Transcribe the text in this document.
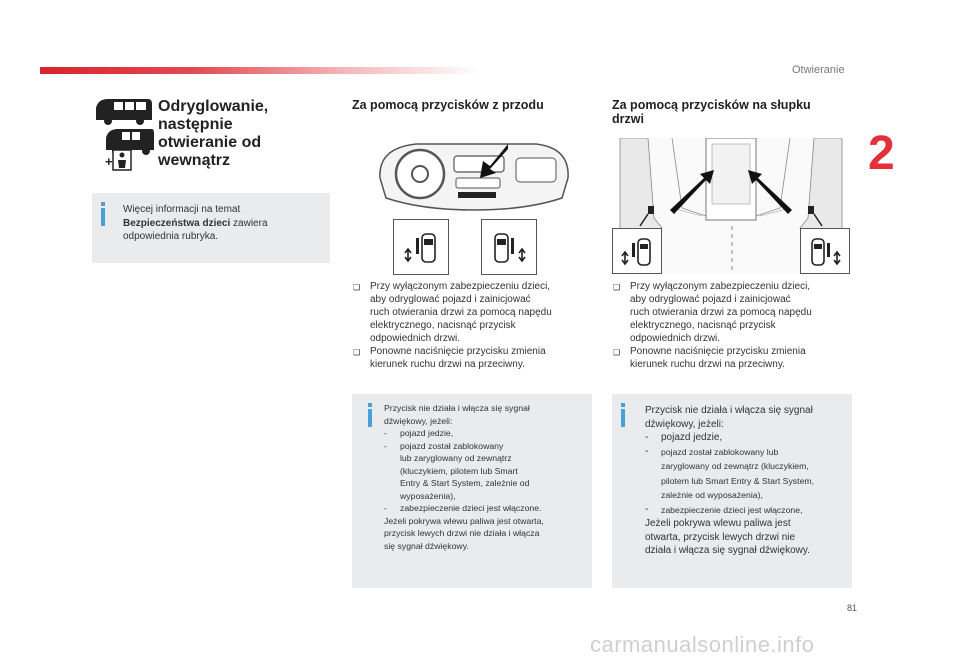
Otwieranie
2
+
Odryglowanie, następnie otwieranie od wewnątrz
Więcej informacji na temat
Bezpieczeństwa dzieci zawiera
odpowiednia rubryka.
Za pomocą przycisków z przodu
❑ Przy wyłączonym zabezpieczeniu dzieci,
aby odryglować pojazd i zainicjować
ruch otwierania drzwi za pomocą napędu
elektrycznego, nacisnąć przycisk
odpowiednich drzwi.
❑ Ponowne naciśnięcie przycisku zmienia
kierunek ruchu drzwi na przeciwny.
Przycisk nie działa i włącza się sygnał
dźwiękowy, jeżeli:
-	pojazd jedzie,
-	pojazd został zablokowany
lub zaryglowany od zewnątrz
(kluczykiem, pilotem lub Smart
Entry & Start System, zależnie od
wyposażenia),
-	zabezpieczenie dzieci jest włączone.
Jeżeli pokrywa wlewu paliwa jest otwarta,
przycisk lewych drzwi nie działa i włącza
się sygnał dźwiękowy.
Za pomocą przycisków na słupku
drzwi
❑ Przy wyłączonym zabezpieczeniu dzieci,
aby odryglować pojazd i zainicjować
ruch otwierania drzwi za pomocą napędu
elektrycznego, nacisnąć przycisk
odpowiednich drzwi.
❑ Ponowne naciśnięcie przycisku zmienia
kierunek ruchu drzwi na przeciwny.
Przycisk nie działa i włącza się sygnał
dźwiękowy, jeżeli:
-	pojazd jedzie,
-	pojazd został zablokowany lub
zaryglowany od zewnątrz (kluczykiem,
pilotem lub Smart Entry & Start System,
zależnie od wyposażenia),
-	zabezpieczenie dzieci jest włączone,
Jeżeli pokrywa wlewu paliwa jest
otwarta, przycisk lewych drzwi nie
działa i włącza się sygnał dźwiękowy.
81
carmanualsonline.info
